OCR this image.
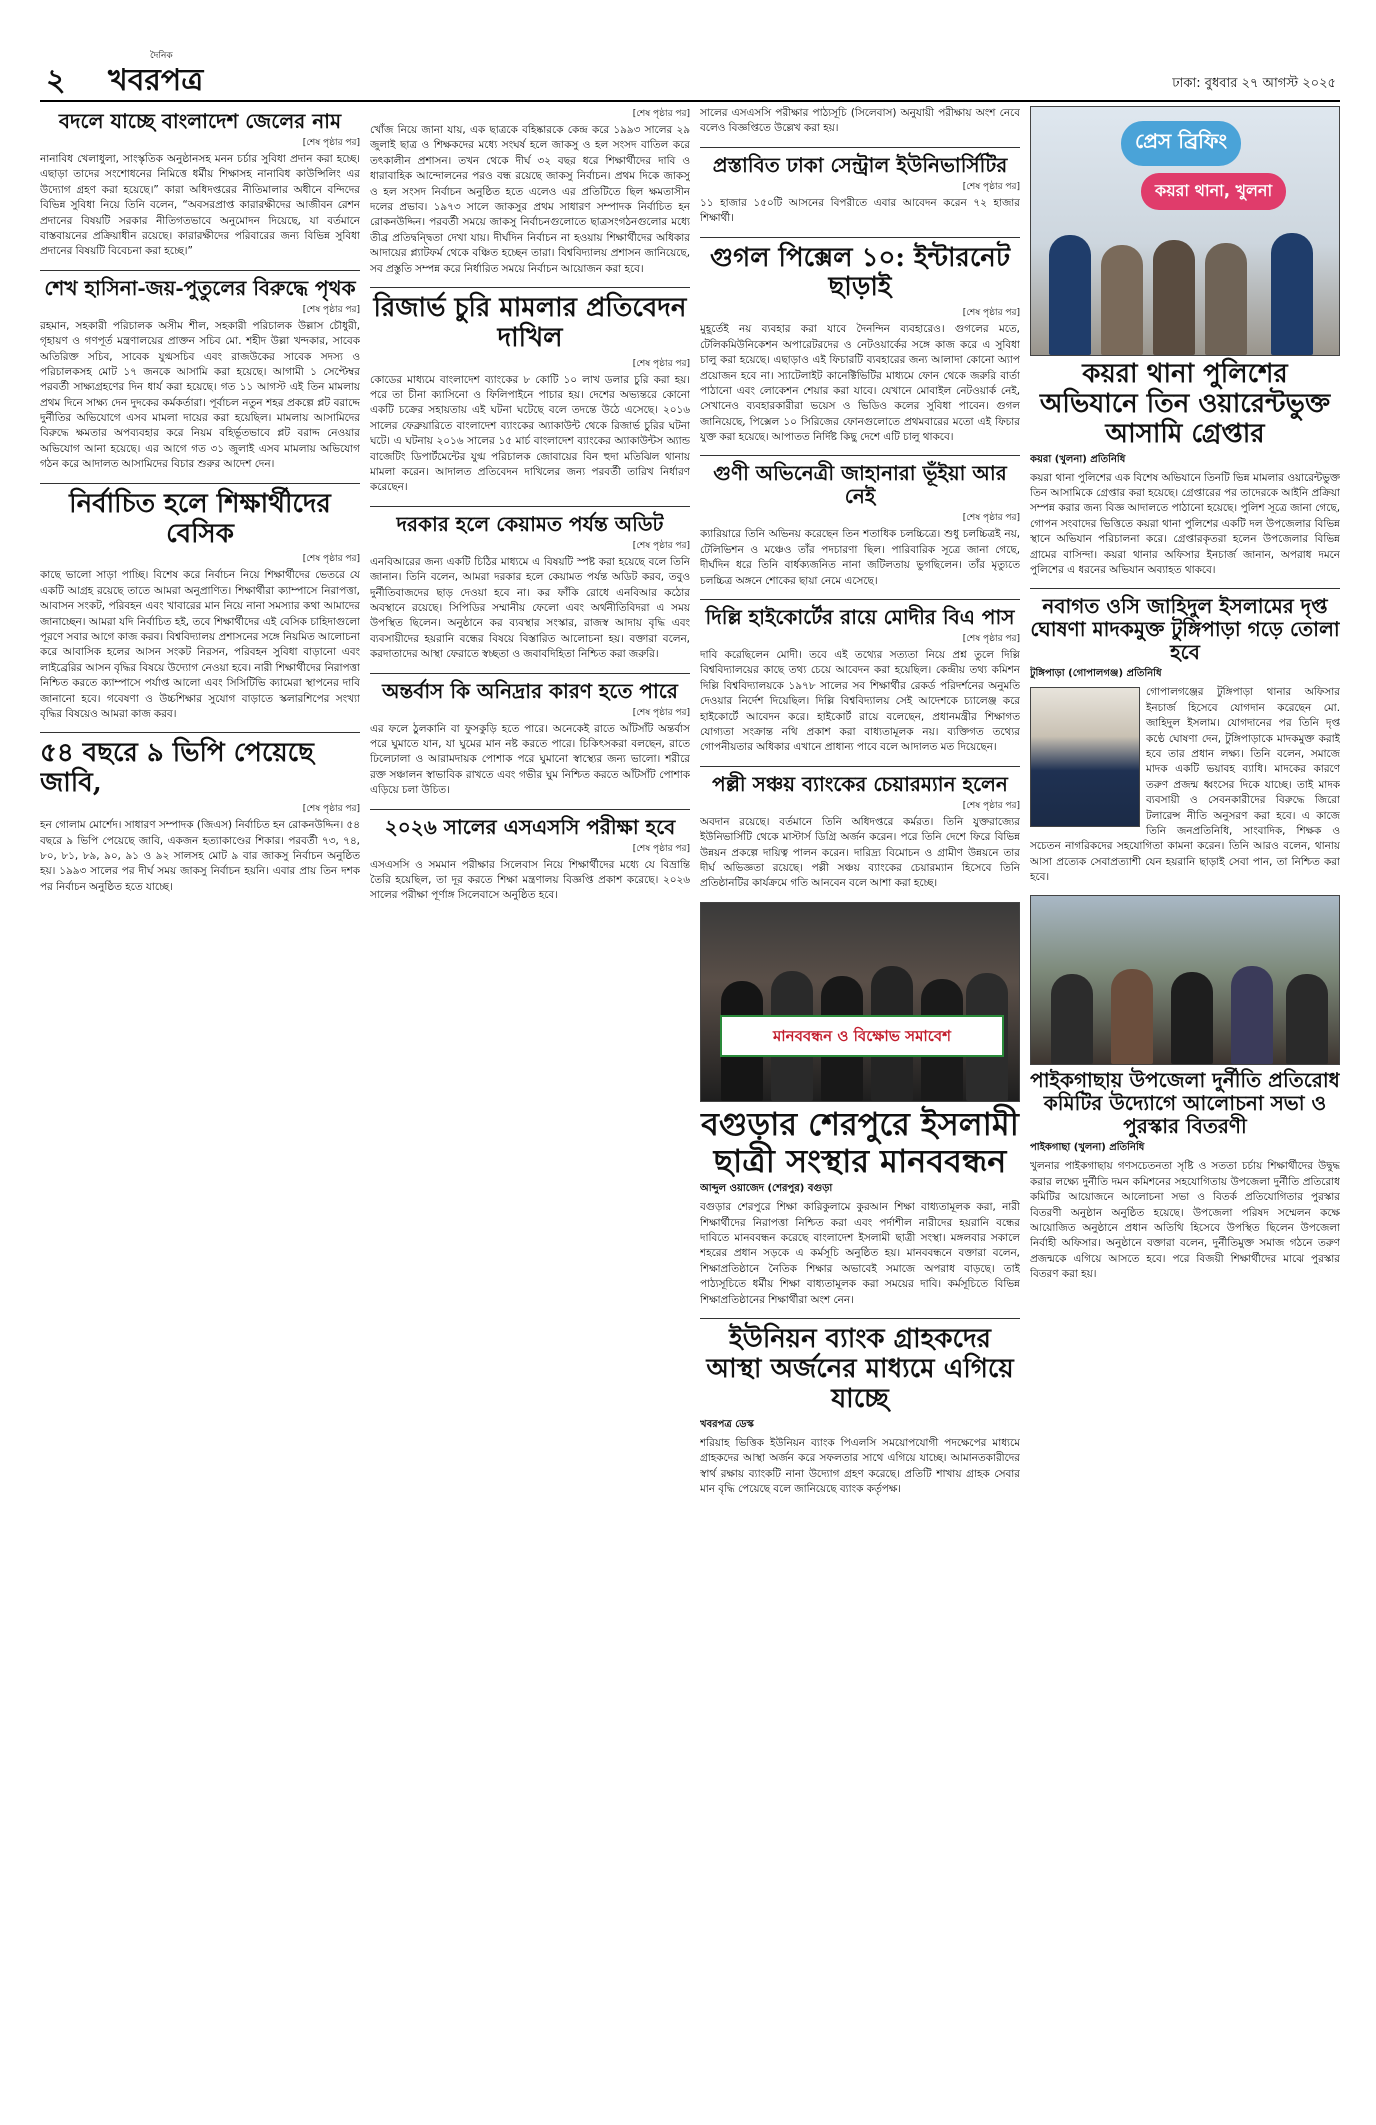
২
দৈনিক
খবরপত্র	ঢাকা: বুধবার ২৭ আগস্ট ২০২৫
বদলে যাচ্ছে বাংলাদেশ জেলের নাম
[শেষ পৃষ্ঠার পর]

নানাবিধ খেলাধুলা, সাংস্কৃতিক অনুষ্ঠানসহ মনন চর্চার সুবিধা প্রদান করা হচ্ছে। এছাড়া তাদের সংশোধনের নিমিত্তে ধর্মীয় শিক্ষাসহ নানাবিধ কাউন্সিলিং এর উদ্যোগ গ্রহণ করা হয়েছে।” কারা অধিদপ্তরের নীতিমালার অধীনে বন্দিদের বিভিন্ন সুবিধা নিয়ে তিনি বলেন, “অবসরপ্রাপ্ত কারারক্ষীদের আজীবন রেশন প্রদানের বিষয়টি সরকার নীতিগতভাবে অনুমোদন দিয়েছে, যা বর্তমানে বাস্তবায়নের প্রক্রিয়াধীন রয়েছে। কারারক্ষীদের পরিবারের জন্য বিভিন্ন সুবিধা প্রদানের বিষয়টি বিবেচনা করা হচ্ছে।”

শেখ হাসিনা-জয়-পুতুলের বিরুদ্ধে পৃথক
[শেষ পৃষ্ঠার পর]

রহমান, সহকারী পরিচালক অসীম শীল, সহকারী পরিচালক উল্লাস চৌধুরী, গৃহায়ণ ও গণপূর্ত মন্ত্রণালয়ের প্রাক্তন সচিব মো. শহীদ উল্লা খন্দকার, সাবেক অতিরিক্ত সচিব, সাবেক যুগ্মসচিব এবং রাজউকের সাবেক সদস্য ও পরিচালকসহ মোট ১৭ জনকে আসামি করা হয়েছে। আগামী ১ সেপ্টেম্বর পরবর্তী সাক্ষ্যগ্রহণের দিন ধার্য করা হয়েছে। গত ১১ আগস্ট এই তিন মামলায় প্রথম দিনে সাক্ষ্য দেন দুদকের কর্মকর্তারা। পূর্বাচল নতুন শহর প্রকল্পে প্লট বরাদ্দে দুর্নীতির অভিযোগে এসব মামলা দায়ের করা হয়েছিল। মামলায় আসামিদের বিরুদ্ধে ক্ষমতার অপব্যবহার করে নিয়ম বহির্ভূতভাবে প্লট বরাদ্দ নেওয়ার অভিযোগ আনা হয়েছে। এর আগে গত ৩১ জুলাই এসব মামলায় অভিযোগ গঠন করে আদালত আসামিদের বিচার শুরুর আদেশ দেন।

নির্বাচিত হলে শিক্ষার্থীদের বেসিক
[শেষ পৃষ্ঠার পর]

কাছে ভালো সাড়া পাচ্ছি। বিশেষ করে নির্বাচন নিয়ে শিক্ষার্থীদের ভেতরে যে একটি আগ্রহ রয়েছে তাতে আমরা অনুপ্রাণিত। শিক্ষার্থীরা ক্যাম্পাসে নিরাপত্তা, আবাসন সংকট, পরিবহন এবং খাবারের মান নিয়ে নানা সমস্যার কথা আমাদের জানাচ্ছেন। আমরা যদি নির্বাচিত হই, তবে শিক্ষার্থীদের এই বেসিক চাহিদাগুলো পূরণে সবার আগে কাজ করব। বিশ্ববিদ্যালয় প্রশাসনের সঙ্গে নিয়মিত আলোচনা করে আবাসিক হলের আসন সংকট নিরসন, পরিবহন সুবিধা বাড়ানো এবং লাইব্রেরির আসন বৃদ্ধির বিষয়ে উদ্যোগ নেওয়া হবে। নারী শিক্ষার্থীদের নিরাপত্তা নিশ্চিত করতে ক্যাম্পাসে পর্যাপ্ত আলো এবং সিসিটিভি ক্যামেরা স্থাপনের দাবি জানানো হবে। গবেষণা ও উচ্চশিক্ষার সুযোগ বাড়াতে স্কলারশিপের সংখ্যা বৃদ্ধির বিষয়েও আমরা কাজ করব।

৫৪ বছরে ৯ ভিপি পেয়েছে জাবি,
[শেষ পৃষ্ঠার পর]

হন গোলাম মোর্শেদ। সাধারণ সম্পাদক (জিএস) নির্বাচিত হন রোকনউদ্দিন। ৫৪ বছরে ৯ ভিপি পেয়েছে জাবি, একজন হত্যাকাণ্ডের শিকার। পরবর্তী ৭৩, ৭৪, ৮০, ৮১, ৮৯, ৯০, ৯১ ও ৯২ সালসহ মোট ৯ বার জাকসু নির্বাচন অনুষ্ঠিত হয়। ১৯৯৩ সালের পর দীর্ঘ সময় জাকসু নির্বাচন হয়নি। এবার প্রায় তিন দশক পর নির্বাচন অনুষ্ঠিত হতে যাচ্ছে।

[শেষ পৃষ্ঠার পর]

খোঁজ নিয়ে জানা যায়, এক ছাত্রকে বহিষ্কারকে কেন্দ্র করে ১৯৯৩ সালের ২৯ জুলাই ছাত্র ও শিক্ষকদের মধ্যে সংঘর্ষ হলে জাকসু ও হল সংসদ বাতিল করে তৎকালীন প্রশাসন। তখন থেকে দীর্ঘ ৩২ বছর ধরে শিক্ষার্থীদের দাবি ও ধারাবাহিক আন্দোলনের পরও বন্ধ রয়েছে জাকসু নির্বাচন। প্রথম দিকে জাকসু ও হল সংসদ নির্বাচন অনুষ্ঠিত হতে এলেও এর প্রতিটিতে ছিল ক্ষমতাসীন দলের প্রভাব। ১৯৭৩ সালে জাকসুর প্রথম সাধারণ সম্পাদক নির্বাচিত হন রোকনউদ্দিন। পরবর্তী সময়ে জাকসু নির্বাচনগুলোতে ছাত্রসংগঠনগুলোর মধ্যে তীব্র প্রতিদ্বন্দ্বিতা দেখা যায়। দীর্ঘদিন নির্বাচন না হওয়ায় শিক্ষার্থীদের অধিকার আদায়ের প্ল্যাটফর্ম থেকে বঞ্চিত হচ্ছেন তারা। বিশ্ববিদ্যালয় প্রশাসন জানিয়েছে, সব প্রস্তুতি সম্পন্ন করে নির্ধারিত সময়ে নির্বাচন আয়োজন করা হবে।

রিজার্ভ চুরি মামলার প্রতিবেদন দাখিল
[শেষ পৃষ্ঠার পর]

কোডের মাধ্যমে বাংলাদেশ ব্যাংকের ৮ কোটি ১০ লাখ ডলার চুরি করা হয়। পরে তা চীনা ক্যাসিনো ও ফিলিপাইনে পাচার হয়। দেশের অভ্যন্তরে কোনো একটি চক্রের সহায়তায় এই ঘটনা ঘটেছে বলে তদন্তে উঠে এসেছে। ২০১৬ সালের ফেব্রুয়ারিতে বাংলাদেশ ব্যাংকের অ্যাকাউন্ট থেকে রিজার্ভ চুরির ঘটনা ঘটে। এ ঘটনায় ২০১৬ সালের ১৫ মার্চ বাংলাদেশ ব্যাংকের অ্যাকাউন্টস অ্যান্ড বাজেটিং ডিপার্টমেন্টের যুগ্ম পরিচালক জোবায়ের বিন হুদা মতিঝিল থানায় মামলা করেন। আদালত প্রতিবেদন দাখিলের জন্য পরবর্তী তারিখ নির্ধারণ করেছেন।

দরকার হলে কেয়ামত পর্যন্ত অডিট
[শেষ পৃষ্ঠার পর]

এনবিআরের জন্য একটি চিঠির মাধ্যমে এ বিষয়টি স্পষ্ট করা হয়েছে বলে তিনি জানান। তিনি বলেন, আমরা দরকার হলে কেয়ামত পর্যন্ত অডিট করব, তবুও দুর্নীতিবাজদের ছাড় দেওয়া হবে না। কর ফাঁকি রোধে এনবিআর কঠোর অবস্থানে রয়েছে। সিপিডির সম্মানীয় ফেলো এবং অর্থনীতিবিদরা এ সময় উপস্থিত ছিলেন। অনুষ্ঠানে কর ব্যবস্থার সংস্কার, রাজস্ব আদায় বৃদ্ধি এবং ব্যবসায়ীদের হয়রানি বন্ধের বিষয়ে বিস্তারিত আলোচনা হয়। বক্তারা বলেন, করদাতাদের আস্থা ফেরাতে স্বচ্ছতা ও জবাবদিহিতা নিশ্চিত করা জরুরি।

অন্তর্বাস কি অনিদ্রার কারণ হতে পারে
[শেষ পৃষ্ঠার পর]

এর ফলে ঠুলকানি বা ফুসকুড়ি হতে পারে। অনেকেই রাতে আঁটসাঁট অন্তর্বাস পরে ঘুমাতে যান, যা ঘুমের মান নষ্ট করতে পারে। চিকিৎসকরা বলছেন, রাতে ঢিলেঢালা ও আরামদায়ক পোশাক পরে ঘুমানো স্বাস্থ্যের জন্য ভালো। শরীরে রক্ত সঞ্চালন স্বাভাবিক রাখতে এবং গভীর ঘুম নিশ্চিত করতে আঁটসাঁট পোশাক এড়িয়ে চলা উচিত।

২০২৬ সালের এসএসসি পরীক্ষা হবে
[শেষ পৃষ্ঠার পর]

এসএসসি ও সমমান পরীক্ষার সিলেবাস নিয়ে শিক্ষার্থীদের মধ্যে যে বিভ্রান্তি তৈরি হয়েছিল, তা দূর করতে শিক্ষা মন্ত্রণালয় বিজ্ঞপ্তি প্রকাশ করেছে। ২০২৬ সালের পরীক্ষা পূর্ণাঙ্গ সিলেবাসে অনুষ্ঠিত হবে।

সালের এসএসসি পরীক্ষার পাঠ্যসূচি (সিলেবাস) অনুযায়ী পরীক্ষায় অংশ নেবে বলেও বিজ্ঞপ্তিতে উল্লেখ করা হয়।

প্রস্তাবিত ঢাকা সেন্ট্রাল ইউনিভার্সিটির
[শেষ পৃষ্ঠার পর]

১১ হাজার ১৫০টি আসনের বিপরীতে এবার আবেদন করেন ৭২ হাজার শিক্ষার্থী।

গুগল পিক্সেল ১০: ইন্টারনেট ছাড়াই
[শেষ পৃষ্ঠার পর]

মুহূর্তেই নয় ব্যবহার করা যাবে দৈনন্দিন ব্যবহারেও। গুগলের মতে, টেলিকমিউনিকেশন অপারেটরদের ও নেটওয়ার্কের সঙ্গে কাজ করে এ সুবিধা চালু করা হয়েছে। এছাড়াও এই ফিচারটি ব্যবহারের জন্য আলাদা কোনো অ্যাপ প্রয়োজন হবে না। স্যাটেলাইট কানেক্টিভিটির মাধ্যমে ফোন থেকে জরুরি বার্তা পাঠানো এবং লোকেশন শেয়ার করা যাবে। যেখানে মোবাইল নেটওয়ার্ক নেই, সেখানেও ব্যবহারকারীরা ভয়েস ও ভিডিও কলের সুবিধা পাবেন। গুগল জানিয়েছে, পিক্সেল ১০ সিরিজের ফোনগুলোতে প্রথমবারের মতো এই ফিচার যুক্ত করা হয়েছে। আপাতত নির্দিষ্ট কিছু দেশে এটি চালু থাকবে।

গুণী অভিনেত্রী জাহানারা ভূঁইয়া আর নেই
[শেষ পৃষ্ঠার পর]

ক্যারিয়ারে তিনি অভিনয় করেছেন তিন শতাধিক চলচ্চিত্রে। শুধু চলচ্চিত্রই নয়, টেলিভিশন ও মঞ্চেও তাঁর পদচারণা ছিল। পারিবারিক সূত্রে জানা গেছে, দীর্ঘদিন ধরে তিনি বার্ধক্যজনিত নানা জটিলতায় ভুগছিলেন। তাঁর মৃত্যুতে চলচ্চিত্র অঙ্গনে শোকের ছায়া নেমে এসেছে।

দিল্লি হাইকোর্টের রায়ে মোদীর বিএ পাস
[শেষ পৃষ্ঠার পর]

দাবি করেছিলেন মোদী। তবে এই তথ্যের সত্যতা নিয়ে প্রশ্ন তুলে দিল্লি বিশ্ববিদ্যালয়ের কাছে তথ্য চেয়ে আবেদন করা হয়েছিল। কেন্দ্রীয় তথ্য কমিশন দিল্লি বিশ্ববিদ্যালয়কে ১৯৭৮ সালের সব শিক্ষার্থীর রেকর্ড পরিদর্শনের অনুমতি দেওয়ার নির্দেশ দিয়েছিল। দিল্লি বিশ্ববিদ্যালয় সেই আদেশকে চ্যালেঞ্জ করে হাইকোর্টে আবেদন করে। হাইকোর্ট রায়ে বলেছেন, প্রধানমন্ত্রীর শিক্ষাগত যোগ্যতা সংক্রান্ত নথি প্রকাশ করা বাধ্যতামূলক নয়। ব্যক্তিগত তথ্যের গোপনীয়তার অধিকার এখানে প্রাধান্য পাবে বলে আদালত মত দিয়েছেন।

পল্লী সঞ্চয় ব্যাংকের চেয়ারম্যান হলেন
[শেষ পৃষ্ঠার পর]

অবদান রয়েছে। বর্তমানে তিনি অধিদপ্তরে কর্মরত। তিনি যুক্তরাজ্যের ইউনিভার্সিটি থেকে মাস্টার্স ডিগ্রি অর্জন করেন। পরে তিনি দেশে ফিরে বিভিন্ন উন্নয়ন প্রকল্পে দায়িত্ব পালন করেন। দারিদ্র্য বিমোচন ও গ্রামীণ উন্নয়নে তার দীর্ঘ অভিজ্ঞতা রয়েছে। পল্লী সঞ্চয় ব্যাংকের চেয়ারম্যান হিসেবে তিনি প্রতিষ্ঠানটির কার্যক্রমে গতি আনবেন বলে আশা করা হচ্ছে।

মানববন্ধন ও বিক্ষোভ সমাবেশ
বগুড়ার শেরপুরে ইসলামী ছাত্রী সংস্থার মানববন্ধন
আব্দুল ওয়াজেদ (শেরপুর) বগুড়া

বগুড়ার শেরপুরে শিক্ষা কারিকুলামে কুরআন শিক্ষা বাধ্যতামূলক করা, নারী শিক্ষার্থীদের নিরাপত্তা নিশ্চিত করা এবং পর্দাশীল নারীদের হয়রানি বন্ধের দাবিতে মানববন্ধন করেছে বাংলাদেশ ইসলামী ছাত্রী সংস্থা। মঙ্গলবার সকালে শহরের প্রধান সড়কে এ কর্মসূচি অনুষ্ঠিত হয়। মানববন্ধনে বক্তারা বলেন, শিক্ষাপ্রতিষ্ঠানে নৈতিক শিক্ষার অভাবেই সমাজে অপরাধ বাড়ছে। তাই পাঠ্যসূচিতে ধর্মীয় শিক্ষা বাধ্যতামূলক করা সময়ের দাবি। কর্মসূচিতে বিভিন্ন শিক্ষাপ্রতিষ্ঠানের শিক্ষার্থীরা অংশ নেন।

ইউনিয়ন ব্যাংক গ্রাহকদের আস্থা অর্জনের মাধ্যমে এগিয়ে যাচ্ছে
খবরপত্র ডেস্ক

শরিয়াহ ভিত্তিক ইউনিয়ন ব্যাংক পিএলসি সময়োপযোগী পদক্ষেপের মাধ্যমে গ্রাহকদের আস্থা অর্জন করে সফলতার সাথে এগিয়ে যাচ্ছে। আমানতকারীদের স্বার্থ রক্ষায় ব্যাংকটি নানা উদ্যোগ গ্রহণ করেছে। প্রতিটি শাখায় গ্রাহক সেবার মান বৃদ্ধি পেয়েছে বলে জানিয়েছে ব্যাংক কর্তৃপক্ষ।

প্রেস ব্রিফিং
কয়রা থানা, খুলনা
কয়রা থানা পুলিশের অভিযানে তিন ওয়ারেন্টভুক্ত আসামি গ্রেপ্তার
কয়রা (খুলনা) প্রতিনিধি

কয়রা থানা পুলিশের এক বিশেষ অভিযানে তিনটি ভিন্ন মামলার ওয়ারেন্টভুক্ত তিন আসামিকে গ্রেপ্তার করা হয়েছে। গ্রেপ্তারের পর তাদেরকে আইনি প্রক্রিয়া সম্পন্ন করার জন্য বিজ্ঞ আদালতে পাঠানো হয়েছে। পুলিশ সূত্রে জানা গেছে, গোপন সংবাদের ভিত্তিতে কয়রা থানা পুলিশের একটি দল উপজেলার বিভিন্ন স্থানে অভিযান পরিচালনা করে। গ্রেপ্তারকৃতরা হলেন উপজেলার বিভিন্ন গ্রামের বাসিন্দা। কয়রা থানার অফিসার ইনচার্জ জানান, অপরাধ দমনে পুলিশের এ ধরনের অভিযান অব্যাহত থাকবে।

নবাগত ওসি জাহিদুল ইসলামের দৃপ্ত ঘোষণা মাদকমুক্ত টুঙ্গিপাড়া গড়ে তোলা হবে
টুঙ্গিপাড়া (গোপালগঞ্জ) প্রতিনিধি

গোপালগঞ্জের টুঙ্গিপাড়া থানার অফিসার ইনচার্জ হিসেবে যোগদান করেছেন মো. জাহিদুল ইসলাম। যোগদানের পর তিনি দৃপ্ত কণ্ঠে ঘোষণা দেন, টুঙ্গিপাড়াকে মাদকমুক্ত করাই হবে তার প্রধান লক্ষ্য। তিনি বলেন, সমাজে মাদক একটি ভয়াবহ ব্যাধি। মাদকের কারণে তরুণ প্রজন্ম ধ্বংসের দিকে যাচ্ছে। তাই মাদক ব্যবসায়ী ও সেবনকারীদের বিরুদ্ধে জিরো টলারেন্স নীতি অনুসরণ করা হবে। এ কাজে তিনি জনপ্রতিনিধি, সাংবাদিক, শিক্ষক ও সচেতন নাগরিকদের সহযোগিতা কামনা করেন। তিনি আরও বলেন, থানায় আসা প্রত্যেক সেবাপ্রত্যাশী যেন হয়রানি ছাড়াই সেবা পান, তা নিশ্চিত করা হবে।

পাইকগাছায় উপজেলা দুর্নীতি প্রতিরোধ কমিটির উদ্যোগে আলোচনা সভা ও পুরস্কার বিতরণী
পাইকগাছা (খুলনা) প্রতিনিধি

খুলনার পাইকগাছায় গণসচেতনতা সৃষ্টি ও সততা চর্চায় শিক্ষার্থীদের উদ্বুদ্ধ করার লক্ষ্যে দুর্নীতি দমন কমিশনের সহযোগিতায় উপজেলা দুর্নীতি প্রতিরোধ কমিটির আয়োজনে আলোচনা সভা ও বিতর্ক প্রতিযোগিতার পুরস্কার বিতরণী অনুষ্ঠান অনুষ্ঠিত হয়েছে। উপজেলা পরিষদ সম্মেলন কক্ষে আয়োজিত অনুষ্ঠানে প্রধান অতিথি হিসেবে উপস্থিত ছিলেন উপজেলা নির্বাহী অফিসার। অনুষ্ঠানে বক্তারা বলেন, দুর্নীতিমুক্ত সমাজ গঠনে তরুণ প্রজন্মকে এগিয়ে আসতে হবে। পরে বিজয়ী শিক্ষার্থীদের মাঝে পুরস্কার বিতরণ করা হয়।
